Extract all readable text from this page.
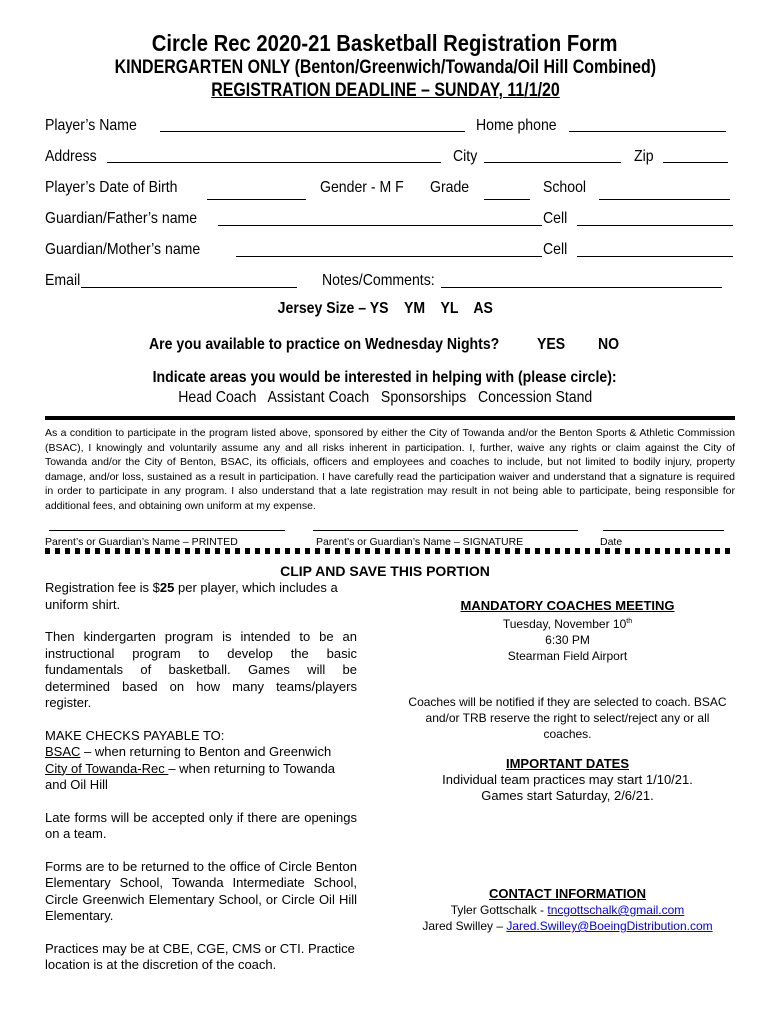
Circle Rec 2020-21 Basketball Registration Form
KINDERGARTEN ONLY (Benton/Greenwich/Towanda/Oil Hill Combined)
REGISTRATION DEADLINE – SUNDAY, 11/1/20
Player’s Name	Home phone
Address	City	Zip
Player’s Date of Birth	Gender - M F Grade	School
Guardian/Father’s name	Cell
Guardian/Mother’s name	Cell
Email	Notes/Comments:
Jersey Size – YS    YM    YL    AS
Are you available to practice on Wednesday Nights? YES NO
Indicate areas you would be interested in helping with (please circle):
Head Coach   Assistant Coach   Sponsorships   Concession Stand
As a condition to participate in the program listed above, sponsored by either the City of Towanda and/or the Benton Sports & Athletic Commission (BSAC), I knowingly and voluntarily assume any and all risks inherent in participation. I, further, waive any rights or claim against the City of Towanda and/or the City of Benton, BSAC, its officials, officers and employees and coaches to include, but not limited to bodily injury, property damage, and/or loss, sustained as a result in participation. I have carefully read the participation waiver and understand that a signature is required in order to participate in any program. I also understand that a late registration may result in not being able to participate, being responsible for additional fees, and obtaining own uniform at my expense.
Parent’s or Guardian’s Name – PRINTED	Parent’s or Guardian’s Name – SIGNATURE	Date
CLIP AND SAVE THIS PORTION

Registration fee is $25 per player, which includes a uniform shirt.

Then kindergarten program is intended to be an instructional program to develop the basic fundamentals of basketball. Games will be determined based on how many teams/players register.

MAKE CHECKS PAYABLE TO:
BSAC – when returning to Benton and Greenwich
City of Towanda-Rec – when returning to Towanda and Oil Hill

Late forms will be accepted only if there are openings on a team.

Forms are to be returned to the office of Circle Benton Elementary School, Towanda Intermediate School, Circle Greenwich Elementary School, or Circle Oil Hill Elementary.

Practices may be at CBE, CGE, CMS or CTI. Practice location is at the discretion of the coach.

MANDATORY COACHES MEETING
Tuesday, November 10th
6:30 PM
Stearman Field Airport
Coaches will be notified if they are selected to coach. BSAC and/or TRB reserve the right to select/reject any or all coaches.
IMPORTANT DATES
Individual team practices may start 1/10/21.
Games start Saturday, 2/6/21.
CONTACT INFORMATION
Tyler Gottschalk - tncgottschalk@gmail.com
Jared Swilley – Jared.Swilley@BoeingDistribution.com
